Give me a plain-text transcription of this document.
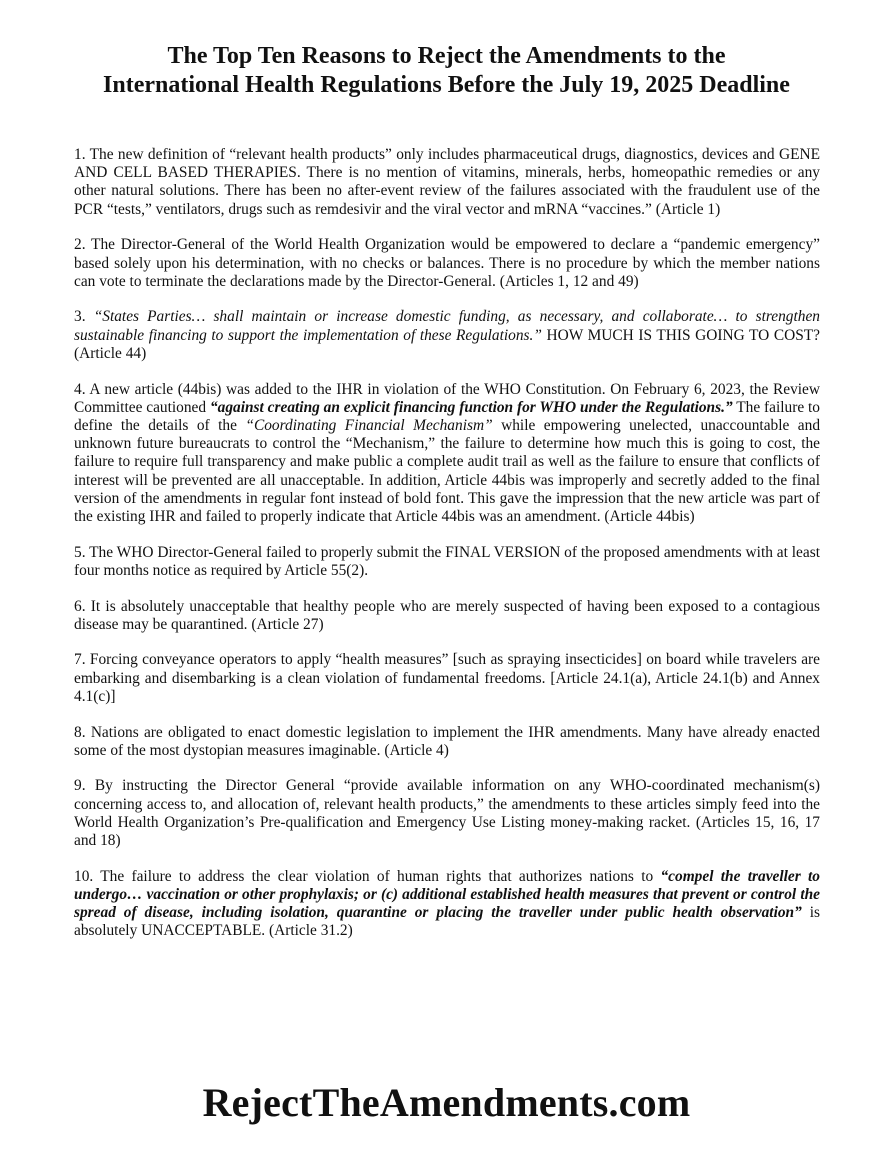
The Top Ten Reasons to Reject the Amendments to the
International Health Regulations Before the July 19, 2025 Deadline

1. The new definition of “relevant health products” only includes pharmaceutical drugs, diagnostics, devices and GENE AND CELL BASED THERAPIES. There is no mention of vitamins, minerals, herbs, homeopathic remedies or any other natural solutions. There has been no after-event review of the failures associated with the fraudulent use of the PCR “tests,” ventilators, drugs such as remdesivir and the viral vector and mRNA “vaccines.” (Article 1)

2. The Director-General of the World Health Organization would be empowered to declare a “pandemic emergency” based solely upon his determination, with no checks or balances. There is no procedure by which the member nations can vote to terminate the declarations made by the Director-General. (Articles 1, 12 and 49)

3. “States Parties… shall maintain or increase domestic funding, as necessary, and collaborate… to strengthen sustainable financing to support the implementation of these Regulations.” HOW MUCH IS THIS GOING TO COST? (Article 44)

4. A new article (44bis) was added to the IHR in violation of the WHO Constitution. On February 6, 2023, the Review Committee cautioned “against creating an explicit financing function for WHO under the Regulations.” The failure to define the details of the “Coordinating Financial Mechanism” while empowering unelected, unaccountable and unknown future bureaucrats to control the “Mechanism,” the failure to determine how much this is going to cost, the failure to require full transparency and make public a complete audit trail as well as the failure to ensure that conflicts of interest will be prevented are all unacceptable. In addition, Article 44bis was improperly and secretly added to the final version of the amendments in regular font instead of bold font. This gave the impression that the new article was part of the existing IHR and failed to properly indicate that Article 44bis was an amendment. (Article 44bis)

5. The WHO Director-General failed to properly submit the FINAL VERSION of the proposed amendments with at least four months notice as required by Article 55(2).

6. It is absolutely unacceptable that healthy people who are merely suspected of having been exposed to a contagious disease may be quarantined. (Article 27)

7. Forcing conveyance operators to apply “health measures” [such as spraying insecticides] on board while travelers are embarking and disembarking is a clean violation of fundamental freedoms. [Article 24.1(a), Article 24.1(b) and Annex 4.1(c)]

8. Nations are obligated to enact domestic legislation to implement the IHR amendments. Many have already enacted some of the most dystopian measures imaginable. (Article 4)

9. By instructing the Director General “provide available information on any WHO-coordinated mechanism(s) concerning access to, and allocation of, relevant health products,” the amendments to these articles simply feed into the World Health Organization’s Pre-qualification and Emergency Use Listing money-making racket. (Articles 15, 16, 17 and 18)

10. The failure to address the clear violation of human rights that authorizes nations to “compel the traveller to undergo… vaccination or other prophylaxis; or (c) additional established health measures that prevent or control the spread of disease, including isolation, quarantine or placing the traveller under public health observation” is absolutely UNACCEPTABLE. (Article 31.2)

RejectTheAmendments.com
